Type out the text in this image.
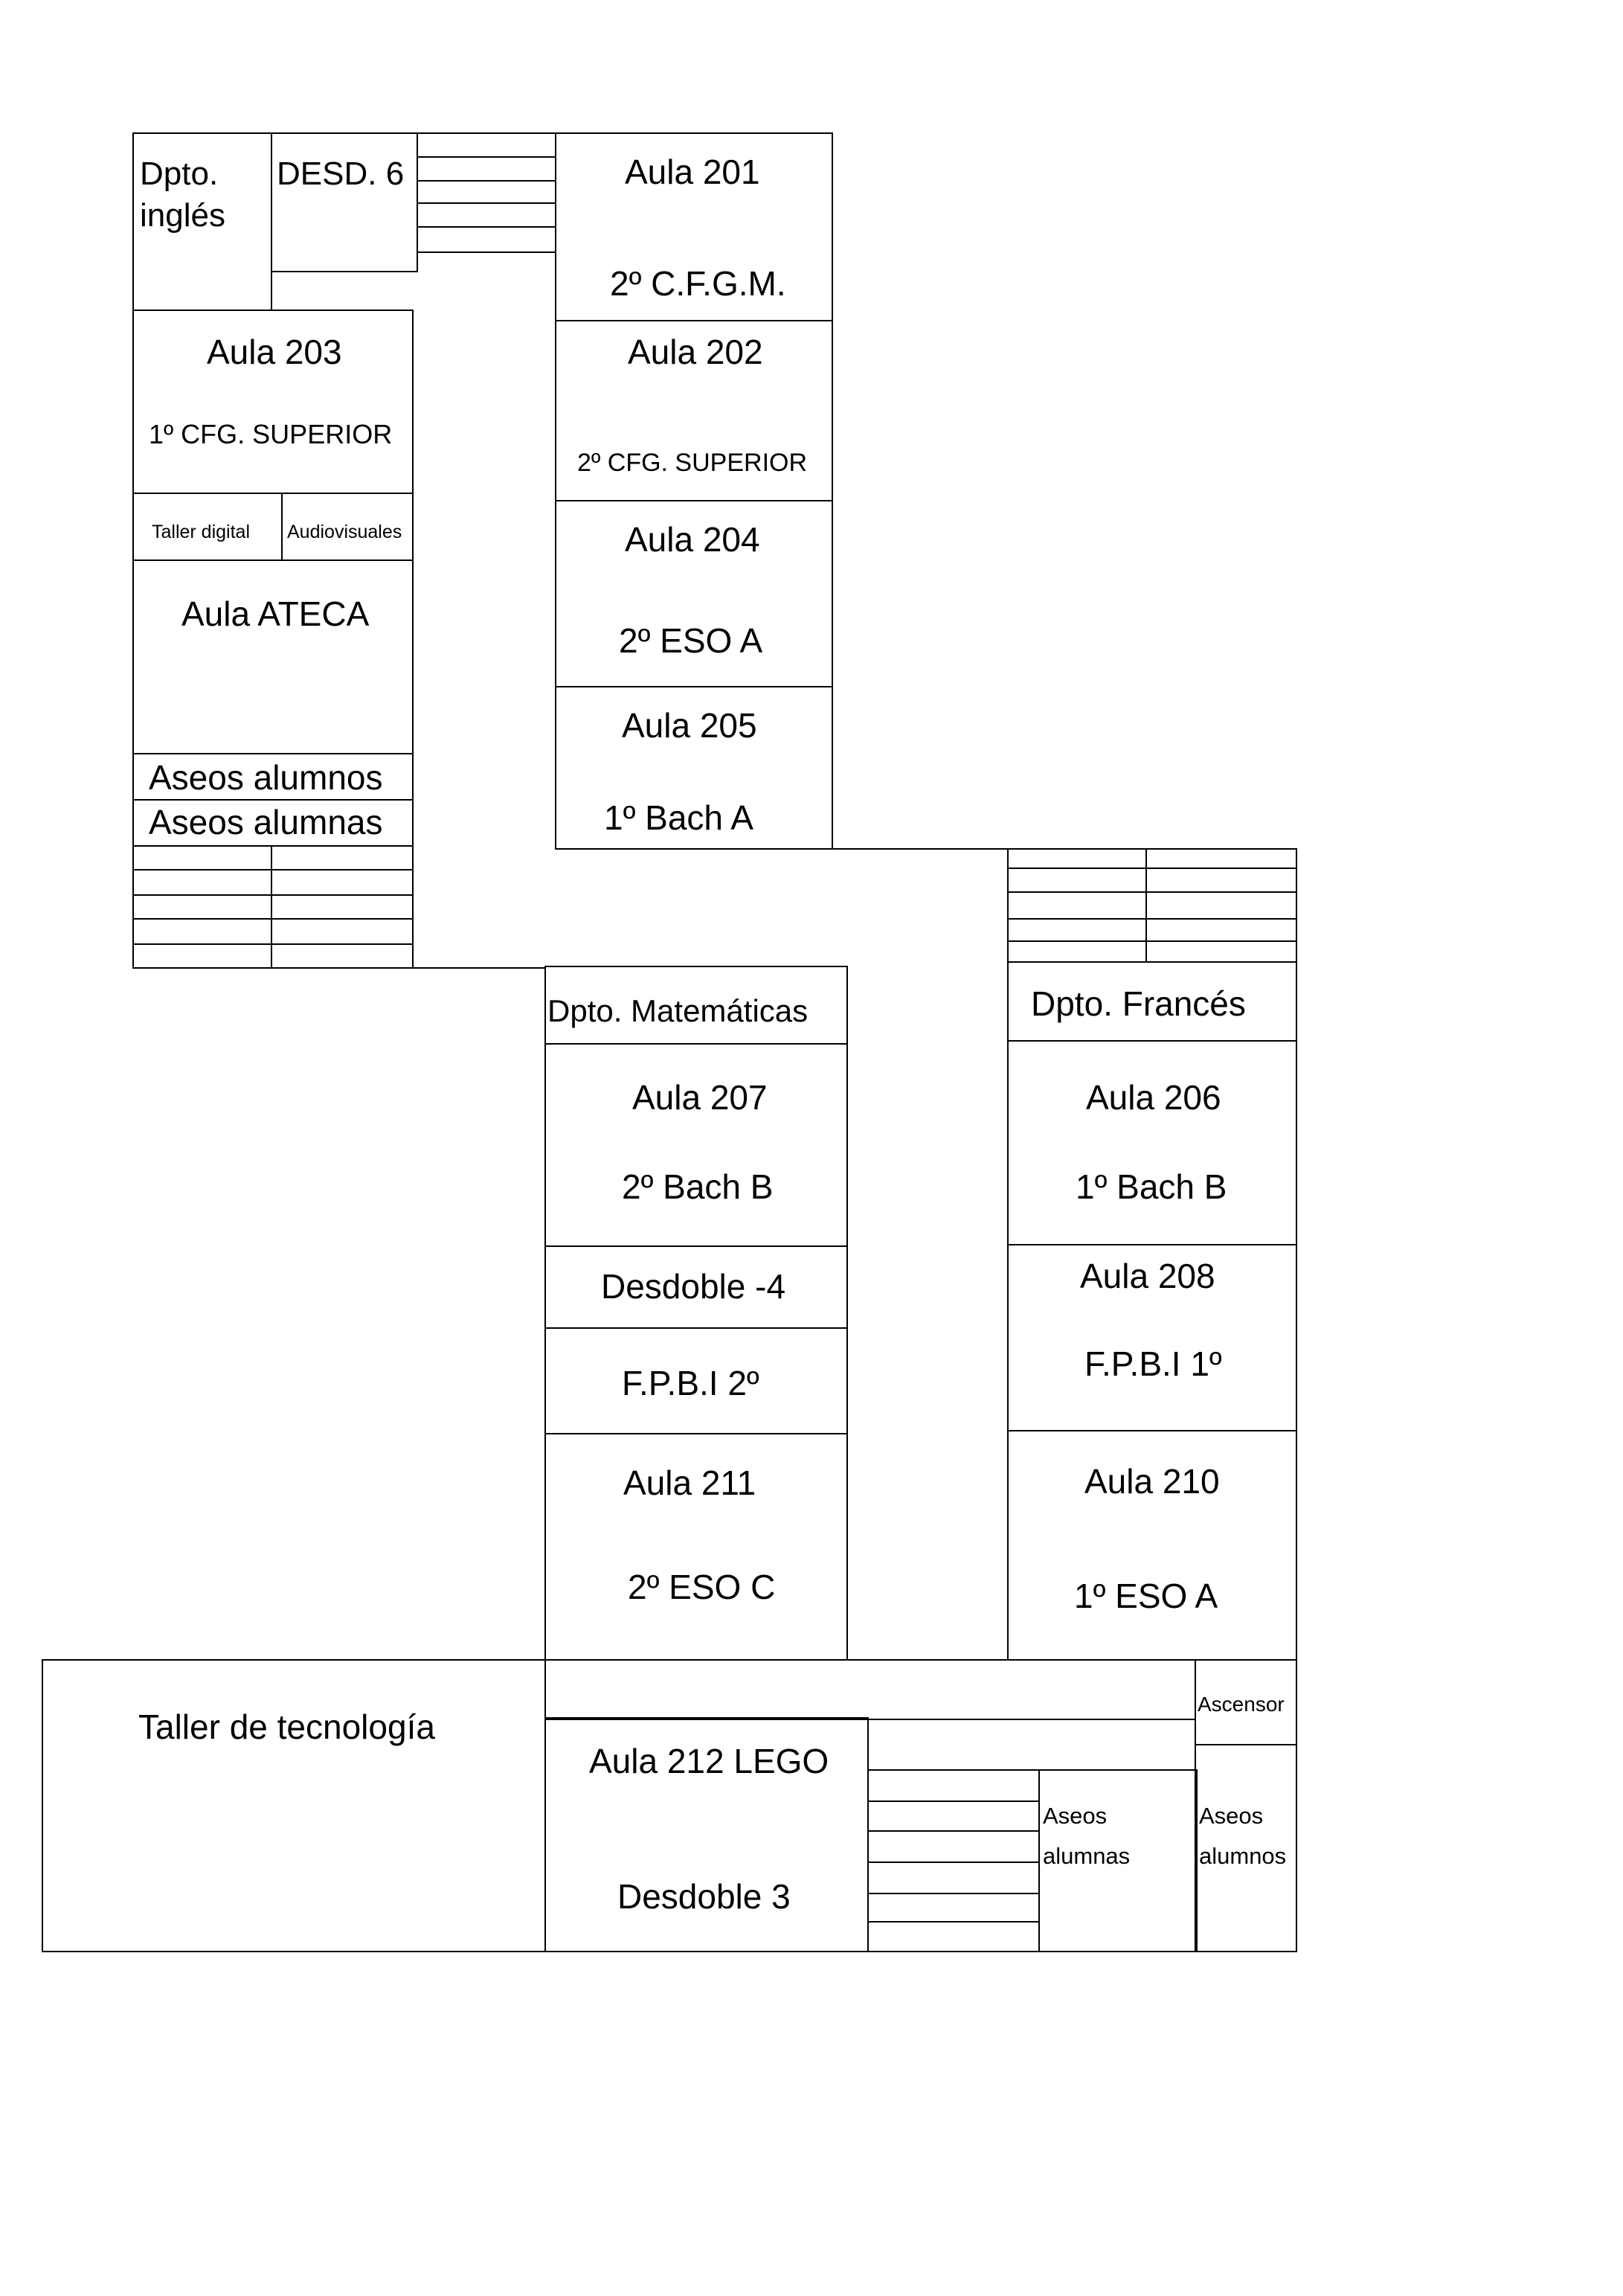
Dpto.
inglés
DESD. 6	Aula 201
2º C.F.G.M.
Aula 203
1º CFG. SUPERIOR
Aula 202
2º CFG. SUPERIOR
Taller digital Audiovisuales	Aula 204
2º ESO A
Aula ATECA
Aula 205
1º Bach A
Aseos alumnos
Aseos alumnas
Dpto. Matemáticas
Aula 207
2º Bach B
Desdoble -4
F.P.B.I 2º
Aula 211
2º ESO C
Dpto. Francés
Aula 206
1º Bach B
Aula 208
F.P.B.I 1º
Aula 210
1º ESO A
Taller de tecnología
Aula 212 LEGO
Desdoble 3
Aseos
alumnas
Ascensor
Aseos
alumnos
